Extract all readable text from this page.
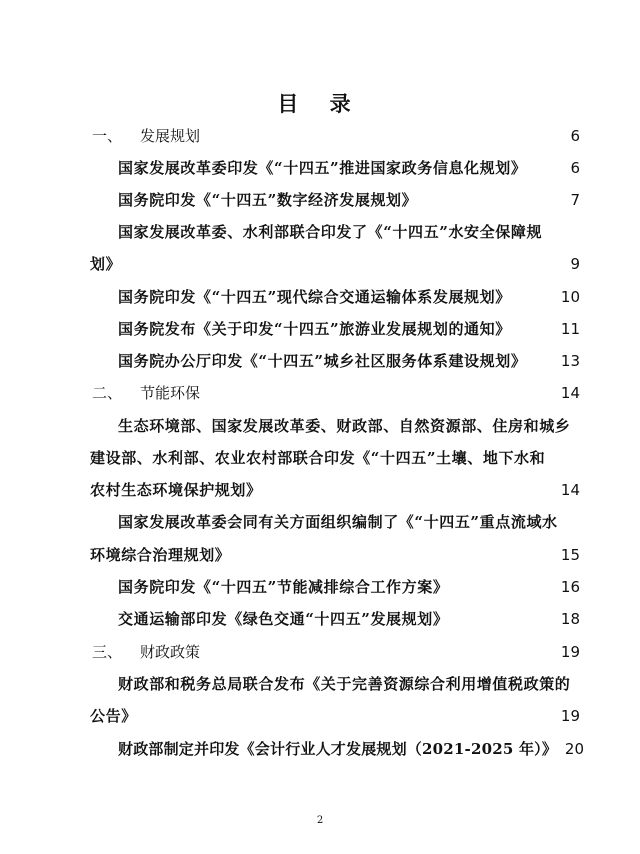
目 录
一、 发展规划	6
国家发展改革委印发《“十四五”推进国家政务信息化规划》	6
国务院印发《“十四五”数字经济发展规划》	7
国家发展改革委、水利部联合印发了《“十四五”水安全保障规
划》	9
国务院印发《“十四五”现代综合交通运输体系发展规划》	10
国务院发布《关于印发“十四五”旅游业发展规划的通知》	11
国务院办公厅印发《“十四五”城乡社区服务体系建设规划》 13
二、 节能环保	14
生态环境部、国家发展改革委、财政部、自然资源部、住房和城乡
建设部、水利部、农业农村部联合印发《“十四五”土壤、地下水和
农村生态环境保护规划》	14
国家发展改革委会同有关方面组织编制了《“十四五”重点流域水
环境综合治理规划》	15
国务院印发《“十四五”节能减排综合工作方案》	16
交通运输部印发《绿色交通“十四五”发展规划》	18
三、 财政政策	19
财政部和税务总局联合发布《关于完善资源综合利用增值税政策的
公告》	19
财政部制定并印发《会计行业人才发展规划（2021-2025 年）》 20
2
